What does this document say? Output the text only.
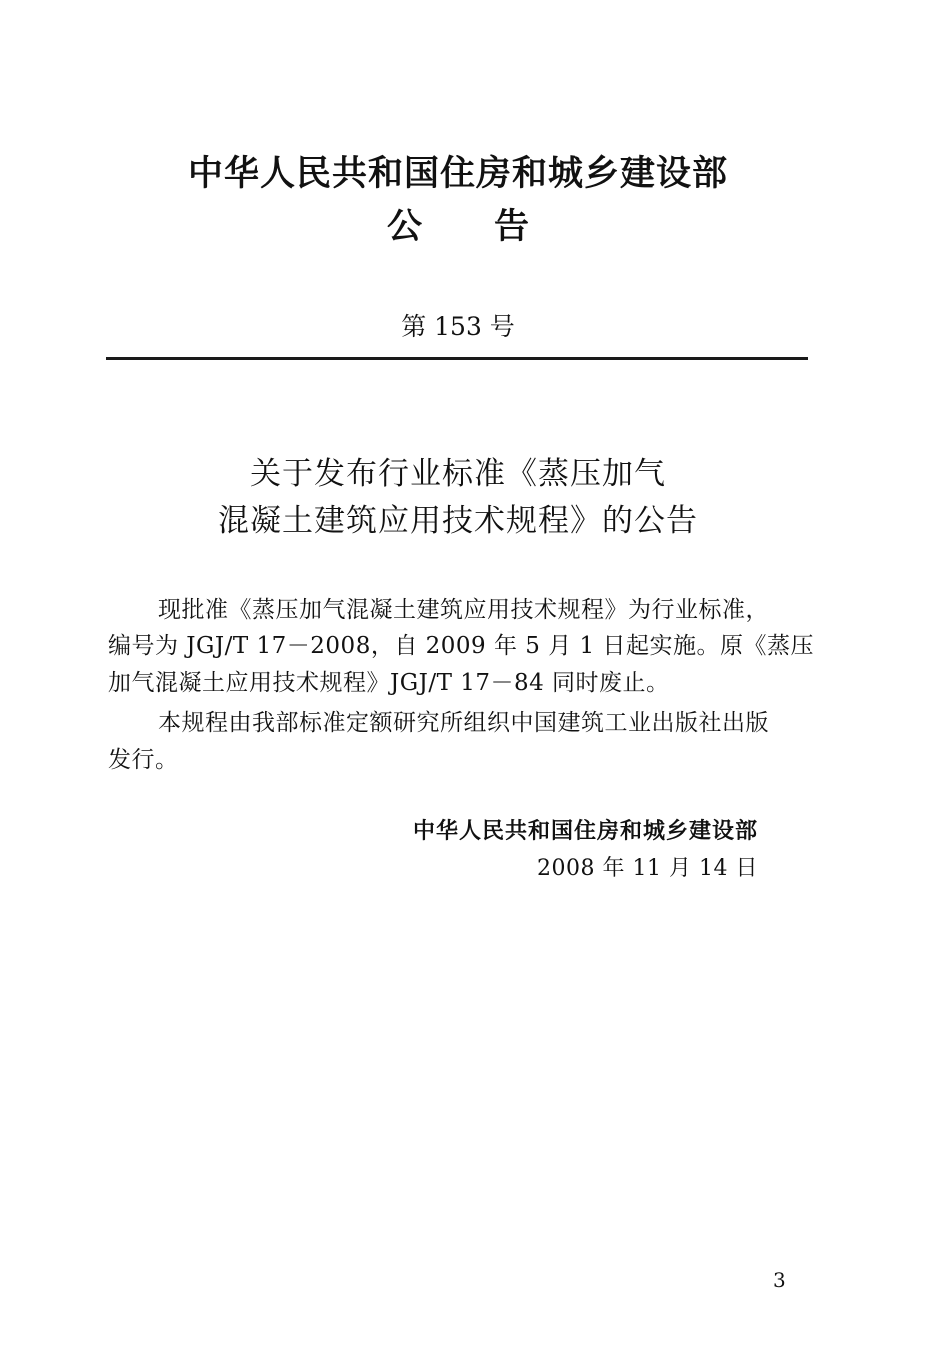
中华人民共和国住房和城乡建设部
公 告
第 153 号
关于发布行业标准《蒸压加气
混凝土建筑应用技术规程》的公告
现批准《蒸压加气混凝土建筑应用技术规程》为行业标准，
编号为 JGJ/T 17－2008，自 2009 年 5 月 1 日起实施。原《蒸压
加气混凝土应用技术规程》JGJ/T 17－84 同时废止。
本规程由我部标准定额研究所组织中国建筑工业出版社出版
发行。
中华人民共和国住房和城乡建设部
2008 年 11 月 14 日
3
